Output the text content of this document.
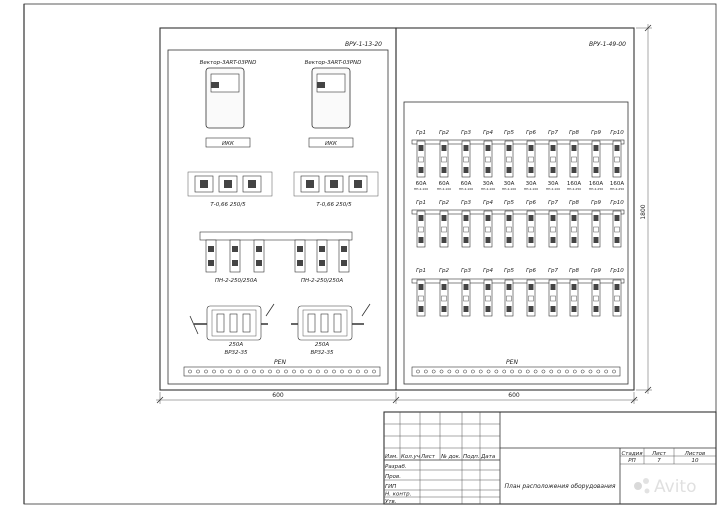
ВРУ-1-13-20
Вектор-3ART-03PND
ИКК
Вектор-3ART-03PND
ИКК
Т-0,66 250/5	Т-0,66 250/5
ПН-2-250/250А	ПН-2-250/250А
250А
ВР32-35
250А
ВР32-35
PEN
ВРУ-1-49-00
Гр1
60А
ПН-2-100
Гр2
60А
ПН-2-100
Гр3
60А
ПН-2-100
Гр4
30А
ПН-2-100
Гр5
30А
ПН-2-100
Гр6
30А
ПН-2-100
Гр7
30А
ПН-2-100
Гр8
160А
ПН-2-250
Гр9
160А
ПН-2-250
Гр10
160А
ПН-2-250
Гр1 Гр2 Гр3 Гр4 Гр5 Гр6 Гр7 Гр8 Гр9 Гр10
Гр1 Гр2 Гр3 Гр4 Гр5 Гр6 Гр7 Гр8 Гр9 Гр10
PEN
600	600
1800
Изм. Кол.уч Лист № док. Подп. Дата
Разраб.
Пров.
ГИП
Н. контр.
Утв.
Стадия Лист	Листов
РП	7	10
План расположения оборудования Avito
